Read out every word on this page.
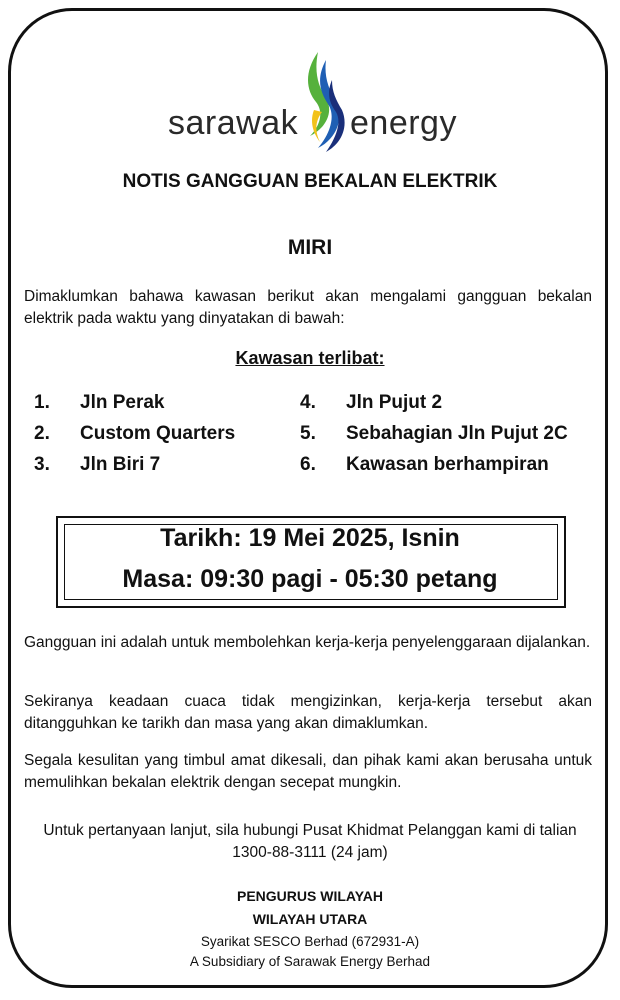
sarawak energy
NOTIS GANGGUAN BEKALAN ELEKTRIK
MIRI
Dimaklumkan bahawa kawasan berikut akan mengalami gangguan bekalan elektrik pada waktu yang dinyatakan di bawah:
Kawasan terlibat:
1.	Jln Perak
2.	Custom Quarters
3.	Jln Biri 7
4.	Jln Pujut 2
5.	Sebahagian Jln Pujut 2C
6.	Kawasan berhampiran
Tarikh: 19 Mei 2025, Isnin
Masa: 09:30 pagi - 05:30 petang
Gangguan ini adalah untuk membolehkan kerja-kerja penyelenggaraan dijalankan.
Sekiranya keadaan cuaca tidak mengizinkan, kerja-kerja tersebut akan ditangguhkan ke tarikh dan masa yang akan dimaklumkan.
Segala kesulitan yang timbul amat dikesali, dan pihak kami akan berusaha untuk memulihkan bekalan elektrik dengan secepat mungkin.
Untuk pertanyaan lanjut, sila hubungi Pusat Khidmat Pelanggan kami di talian
1300-88-3111 (24 jam)
PENGURUS WILAYAH
WILAYAH UTARA
Syarikat SESCO Berhad (672931-A)
A Subsidiary of Sarawak Energy Berhad
